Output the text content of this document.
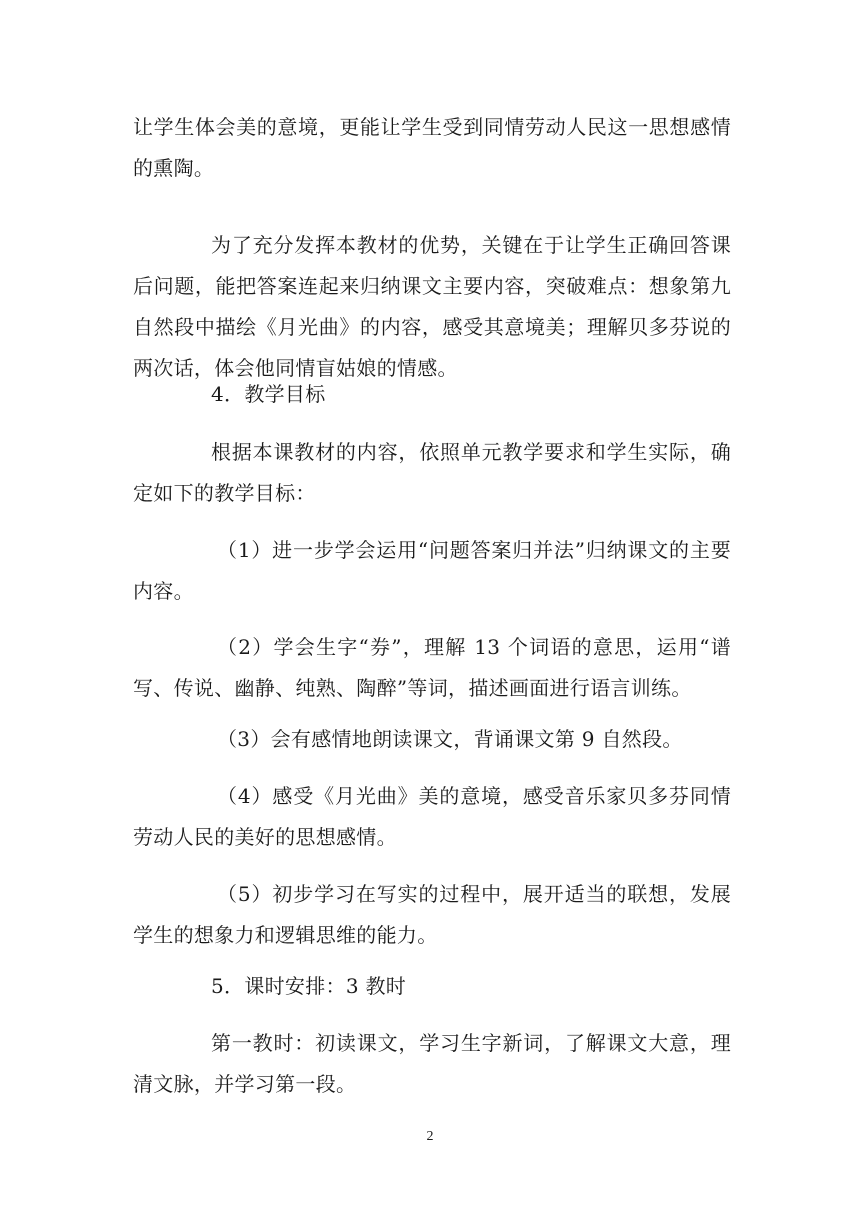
让学生体会美的意境，更能让学生受到同情劳动人民这一思想感情的熏陶。

为了充分发挥本教材的优势，关键在于让学生正确回答课后问题，能把答案连起来归纳课文主要内容，突破难点：想象第九自然段中描绘《月光曲》的内容，感受其意境美；理解贝多芬说的两次话，体会他同情盲姑娘的情感。

4．教学目标

根据本课教材的内容，依照单元教学要求和学生实际，确定如下的教学目标：

（1）进一步学会运用“问题答案归并法”归纳课文的主要内容。

（2）学会生字“券”，理解 13 个词语的意思，运用“谱写、传说、幽静、纯熟、陶醉”等词，描述画面进行语言训练。

（3）会有感情地朗读课文，背诵课文第 9 自然段。

（4）感受《月光曲》美的意境，感受音乐家贝多芬同情劳动人民的美好的思想感情。

（5）初步学习在写实的过程中，展开适当的联想，发展学生的想象力和逻辑思维的能力。

5．课时安排：3 教时

第一教时：初读课文，学习生字新词，了解课文大意，理清文脉，并学习第一段。

2
